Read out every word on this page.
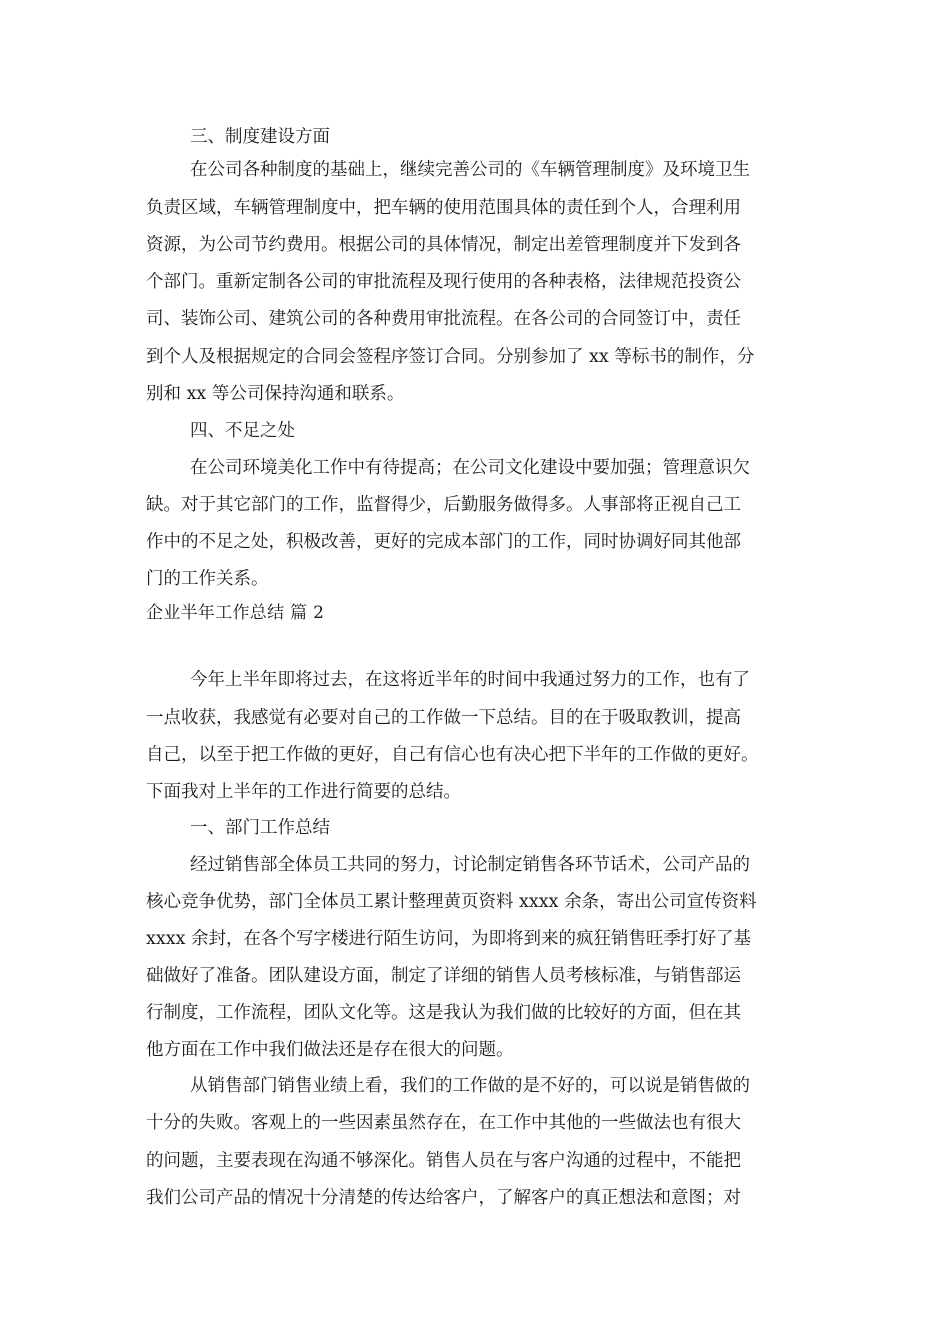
三、制度建设方面
在公司各种制度的基础上，继续完善公司的《车辆管理制度》及环境卫生
负责区域，车辆管理制度中，把车辆的使用范围具体的责任到个人，合理利用
资源，为公司节约费用。根据公司的具体情况，制定出差管理制度并下发到各
个部门。重新定制各公司的审批流程及现行使用的各种表格，法律规范投资公
司、装饰公司、建筑公司的各种费用审批流程。在各公司的合同签订中，责任
到个人及根据规定的合同会签程序签订合同。分别参加了 xx 等标书的制作，分
别和 xx 等公司保持沟通和联系。
四、不足之处
在公司环境美化工作中有待提高；在公司文化建设中要加强；管理意识欠
缺。对于其它部门的工作，监督得少，后勤服务做得多。人事部将正视自己工
作中的不足之处，积极改善，更好的完成本部门的工作，同时协调好同其他部
门的工作关系。
企业半年工作总结 篇 2
今年上半年即将过去，在这将近半年的时间中我通过努力的工作，也有了
一点收获，我感觉有必要对自己的工作做一下总结。目的在于吸取教训，提高
自己，以至于把工作做的更好，自己有信心也有决心把下半年的工作做的更好。
下面我对上半年的工作进行简要的总结。
一、部门工作总结
经过销售部全体员工共同的努力，讨论制定销售各环节话术，公司产品的
核心竞争优势，部门全体员工累计整理黄页资料 xxxx 余条，寄出公司宣传资料
xxxx 余封，在各个写字楼进行陌生访问，为即将到来的疯狂销售旺季打好了基
础做好了准备。团队建设方面，制定了详细的销售人员考核标准，与销售部运
行制度，工作流程，团队文化等。这是我认为我们做的比较好的方面，但在其
他方面在工作中我们做法还是存在很大的问题。
从销售部门销售业绩上看，我们的工作做的是不好的，可以说是销售做的
十分的失败。客观上的一些因素虽然存在，在工作中其他的一些做法也有很大
的问题，主要表现在沟通不够深化。销售人员在与客户沟通的过程中，不能把
我们公司产品的情况十分清楚的传达给客户，了解客户的真正想法和意图；对
